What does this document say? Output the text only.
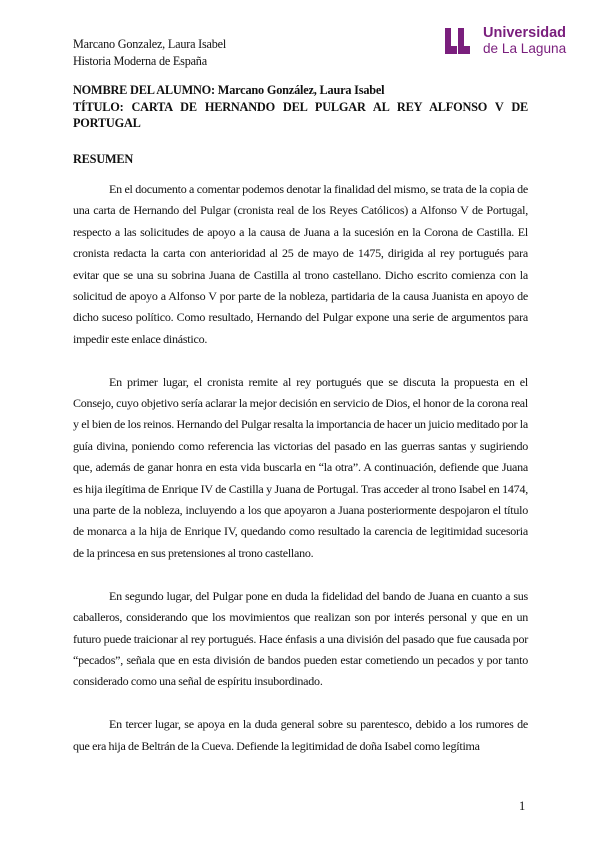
Marcano Gonzalez, Laura Isabel
Historia Moderna de España
Universidad
de La Laguna
NOMBRE DEL ALUMNO: Marcano González, Laura Isabel
TÍTULO: CARTA DE HERNANDO DEL PULGAR AL REY ALFONSO V DE
PORTUGAL
RESUMEN

En el documento a comentar podemos denotar la finalidad del mismo, se trata de la copia de una carta de Hernando del Pulgar (cronista real de los Reyes Católicos) a Alfonso V de Portugal, respecto a las solicitudes de apoyo a la causa de Juana a la sucesión en la Corona de Castilla. El cronista redacta la carta con anterioridad al 25 de mayo de 1475, dirigida al rey portugués para evitar que se una su sobrina Juana de Castilla al trono castellano. Dicho escrito comienza con la solicitud de apoyo a Alfonso V por parte de la nobleza, partidaria de la causa Juanista en apoyo de dicho suceso político. Como resultado, Hernando del Pulgar expone una serie de argumentos para impedir este enlace dinástico.

En primer lugar, el cronista remite al rey portugués que se discuta la propuesta en el Consejo, cuyo objetivo sería aclarar la mejor decisión en servicio de Dios, el honor de la corona real y el bien de los reinos. Hernando del Pulgar resalta la importancia de hacer un juicio meditado por la guía divina, poniendo como referencia las victorias del pasado en las guerras santas y sugiriendo que, además de ganar honra en esta vida buscarla en “la otra”. A continuación, defiende que Juana es hija ilegítima de Enrique IV de Castilla y Juana de Portugal. Tras acceder al trono Isabel en 1474, una parte de la nobleza, incluyendo a los que apoyaron a Juana posteriormente despojaron el título de monarca a la hija de Enrique IV, quedando como resultado la carencia de legitimidad sucesoria de la princesa en sus pretensiones al trono castellano.

En segundo lugar, del Pulgar pone en duda la fidelidad del bando de Juana en cuanto a sus caballeros, considerando que los movimientos que realizan son por interés personal y que en un futuro puede traicionar al rey portugués. Hace énfasis a una división del pasado que fue causada por “pecados”, señala que en esta división de bandos pueden estar cometiendo un pecados y por tanto considerado como una señal de espíritu insubordinado.

En tercer lugar, se apoya en la duda general sobre su parentesco, debido a los rumores de que era hija de Beltrán de la Cueva. Defiende la legitimidad de doña Isabel como legítima

1
